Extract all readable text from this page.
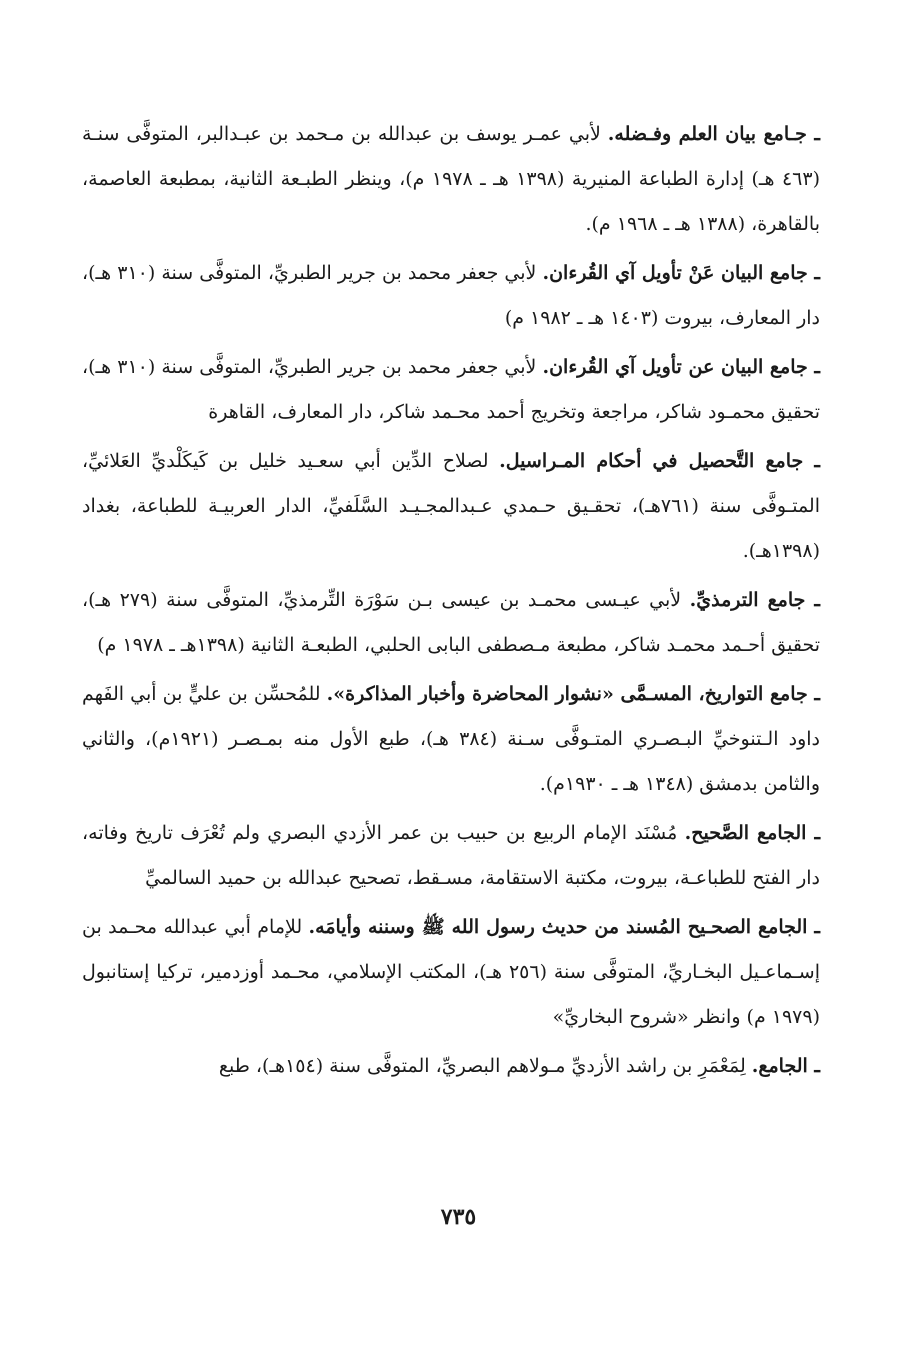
ـ جـامع بيان العلم وفـضله. لأبي عمـر يوسف بن عبدالله بن مـحمد بن عبـدالبر، المتوفَّى سنـة (٤٦٣ هـ) إدارة الطباعة المنيرية (١٣٩٨ هـ ـ ١٩٧٨ م)، وينظر الطبـعة الثانية، بمطبعة العاصمة، بالقاهرة، (١٣٨٨ هـ ـ ١٩٦٨ م).

ـ جامع البيان عَنْ تأويل آي القُرءان. لأبي جعفر محمد بن جرير الطبريِّ، المتوفَّى سنة (٣١٠ هـ)، دار المعارف، بيروت (١٤٠٣ هـ ـ ١٩٨٢ م)

ـ جامع البيان عن تأويل آي القُرءان. لأبي جعفر محمد بن جرير الطبريِّ، المتوفَّى سنة (٣١٠ هـ)، تحقيق محمـود شاكر، مراجعة وتخريج أحمد محـمد شاكر، دار المعارف، القاهرة

ـ جامع التَّحصيل في أحكام المـراسيل. لصلاح الدِّين أبي سعـيد خليل بن كَيكَلْديِّ العَلائيِّ، المتـوفَّى سنة (٧٦١هـ)، تحقـيق حـمدي عـبدالمجـيـد السَّلَفيِّ، الدار العربيـة للطباعة، بغداد (١٣٩٨هـ).

ـ جامع الترمذيِّ. لأبي عيـسى محمـد بن عيسى بـن سَوْرَة التِّرمذيِّ، المتوفَّى سنة (٢٧٩ هـ)، تحقيق أحـمد محمـد شاكر، مطبعة مـصطفى البابى الحلبي، الطبعـة الثانية (١٣٩٨هـ ـ ١٩٧٨ م)

ـ جامع التواريخ، المسـمَّى «نشوار المحاضرة وأخبار المذاكرة». للمُحسِّن بن عليٍّ بن أبي الفَهم داود الـتنوخيِّ البـصـري المتـوفَّى سـنة (٣٨٤ هـ)، طبع الأول منه بمـصـر (١٩٢١م)، والثاني والثامن بدمشق (١٣٤٨ هـ ـ ١٩٣٠م).

ـ الجامع الصَّحيح. مُسْنَد الإمام الربيع بن حبيب بن عمر الأزدي البصري ولم تُعْرَف تاريخ وفاته، دار الفتح للطباعـة، بيروت، مكتبة الاستقامة، مسـقط، تصحيح عبدالله بن حميد السالميِّ

ـ الجامع الصحـيح المُسند من حديث رسول الله ﷺ وسننه وأيامَه. للإمام أبي عبدالله محـمد بن إسـماعـيل البخـاريِّ، المتوفَّى سنة (٢٥٦ هـ)، المكتب الإسلامي، محـمد أوزدمير، تركيا إستانبول (١٩٧٩ م) وانظر «شروح البخاريِّ»

ـ الجامع. لِمَعْمَرِ بن راشد الأزديِّ مـولاهم البصريِّ، المتوفَّى سنة (١٥٤هـ)، طبع

٧٣٥
